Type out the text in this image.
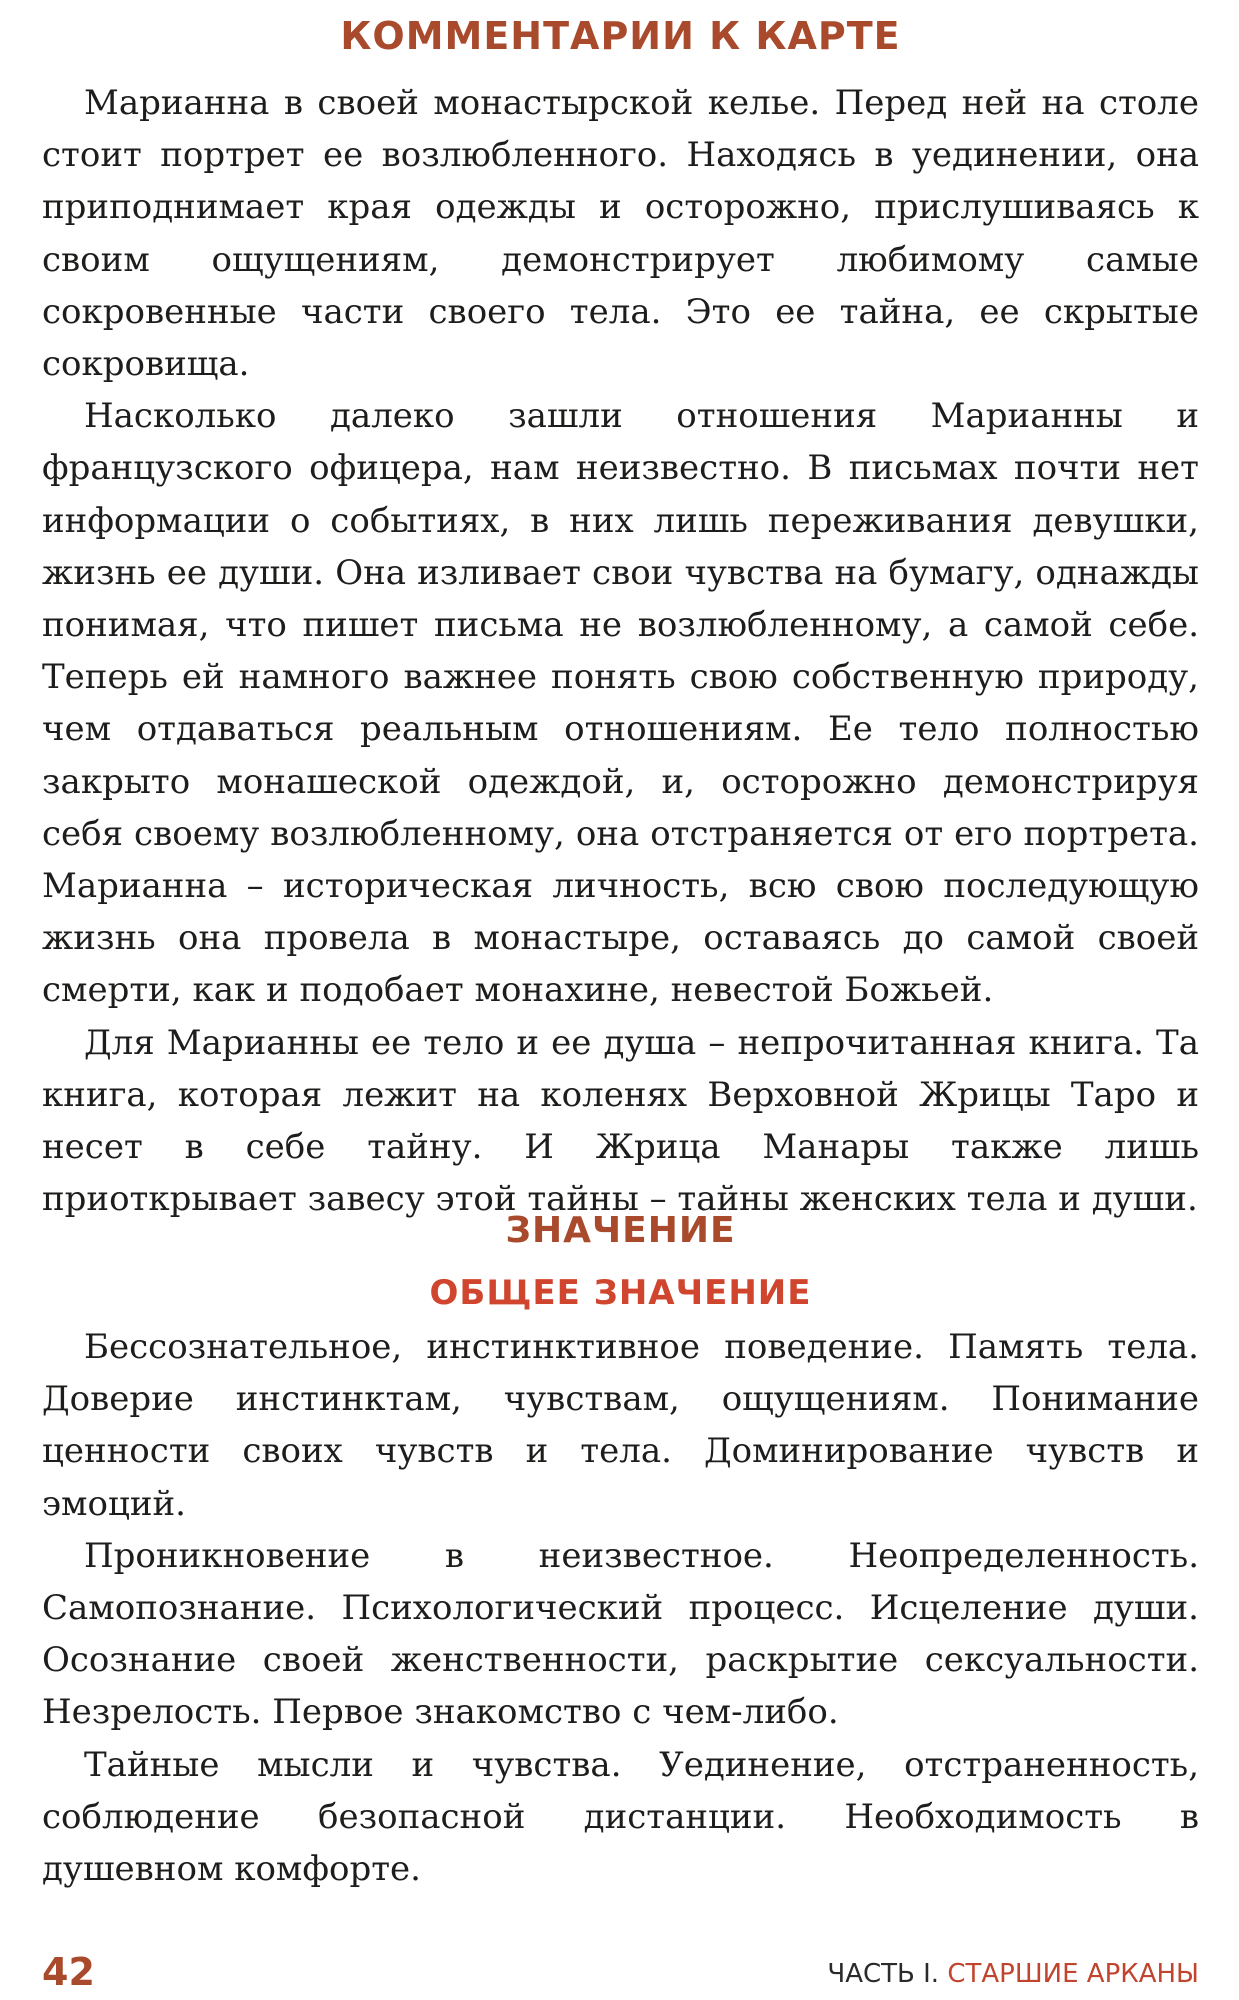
КОММЕНТАРИИ К КАРТЕ

Марианна в своей монастырской келье. Перед ней на столе стоит портрет ее возлюбленного. Находясь в уединении, она приподнимает края одежды и осторожно, прислушиваясь к своим ощущениям, демонстрирует любимому самые сокровенные части своего тела. Это ее тайна, ее скрытые сокровища.

Насколько далеко зашли отношения Марианны и французского офицера, нам неизвестно. В письмах почти нет информации о событиях, в них лишь переживания девушки, жизнь ее души. Она изливает свои чувства на бумагу, однажды понимая, что пишет письма не возлюбленному, а самой себе. Теперь ей намного важнее понять свою собственную природу, чем отдаваться реальным отношениям. Ее тело полностью закрыто монашеской одеждой, и, осторожно демонстрируя себя своему возлюбленному, она отстраняется от его портрета. Марианна – историческая личность, всю свою последующую жизнь она провела в монастыре, оставаясь до самой своей смерти, как и подобает монахине, невестой Божьей.

Для Марианны ее тело и ее душа – непрочитанная книга. Та книга, которая лежит на коленях Верховной Жрицы Таро и несет в себе тайну. И Жрица Манары также лишь приоткрывает завесу этой тайны – тайны женских тела и души.

ЗНАЧЕНИЕ
ОБЩЕЕ ЗНАЧЕНИЕ

Бессознательное, инстинктивное поведение. Память тела. Доверие инстинктам, чувствам, ощущениям. Понимание ценности своих чувств и тела. Доминирование чувств и эмоций.

Проникновение в неизвестное. Неопределенность. Самопознание. Психологический процесс. Исцеление души. Осознание своей женственности, раскрытие сексуальности. Незрелость. Первое знакомство с чем-либо.

Тайные мысли и чувства. Уединение, отстраненность, соблюдение безопасной дистанции. Необходимость в душевном комфорте.

42	ЧАСТЬ I. СТАРШИЕ АРКАНЫ
